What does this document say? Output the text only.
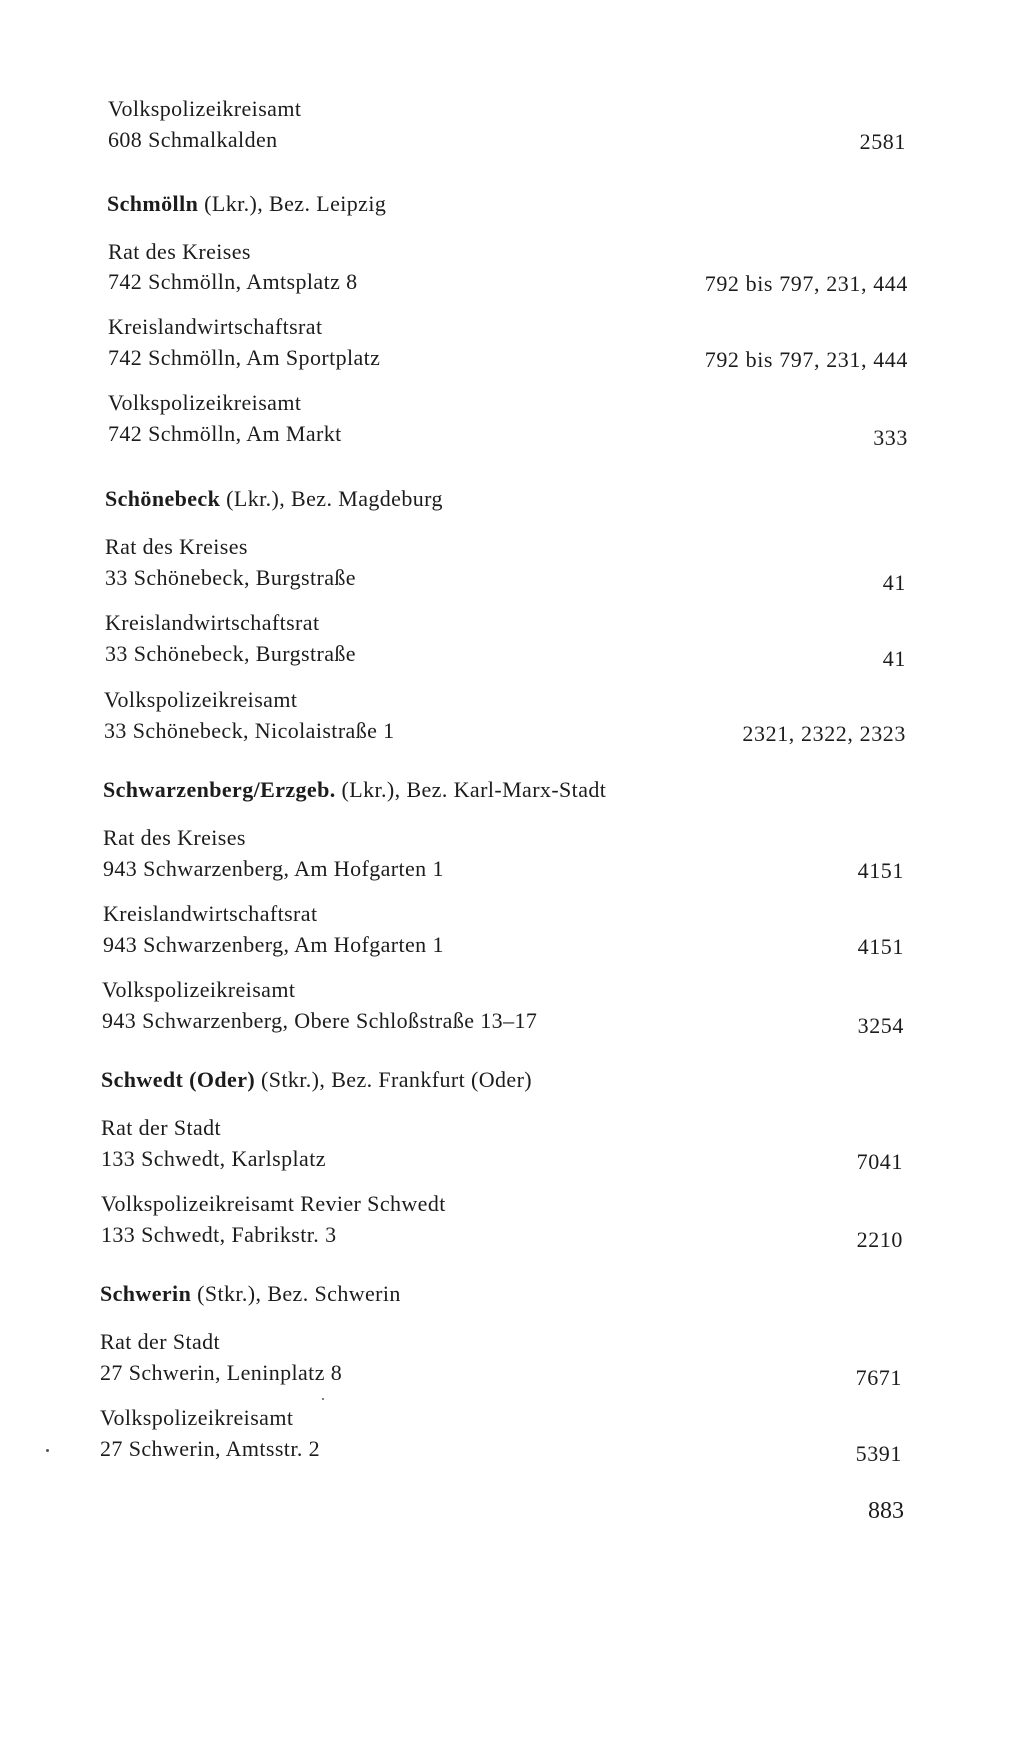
Volkspolizeikreisamt
608 Schmalkalden	2581
Schmölln (Lkr.), Bez. Leipzig
Rat des Kreises
742 Schmölln, Amtsplatz 8	792 bis 797, 231, 444
Kreislandwirtschaftsrat
742 Schmölln, Am Sportplatz	792 bis 797, 231, 444
Volkspolizeikreisamt
742 Schmölln, Am Markt	333
Schönebeck (Lkr.), Bez. Magdeburg
Rat des Kreises
33 Schönebeck, Burgstraße	41
Kreislandwirtschaftsrat
33 Schönebeck, Burgstraße	41
Volkspolizeikreisamt
33 Schönebeck, Nicolaistraße 1	2321, 2322, 2323
Schwarzenberg/Erzgeb. (Lkr.), Bez. Karl-Marx-Stadt
Rat des Kreises
943 Schwarzenberg, Am Hofgarten 1	4151
Kreislandwirtschaftsrat
943 Schwarzenberg, Am Hofgarten 1	4151
Volkspolizeikreisamt
943 Schwarzenberg, Obere Schloßstraße 13–17	3254
Schwedt (Oder) (Stkr.), Bez. Frankfurt (Oder)
Rat der Stadt
133 Schwedt, Karlsplatz	7041
Volkspolizeikreisamt Revier Schwedt
133 Schwedt, Fabrikstr. 3	2210
Schwerin (Stkr.), Bez. Schwerin
Rat der Stadt
27 Schwerin, Leninplatz 8	7671
Volkspolizeikreisamt
27 Schwerin, Amtsstr. 2	5391
883
